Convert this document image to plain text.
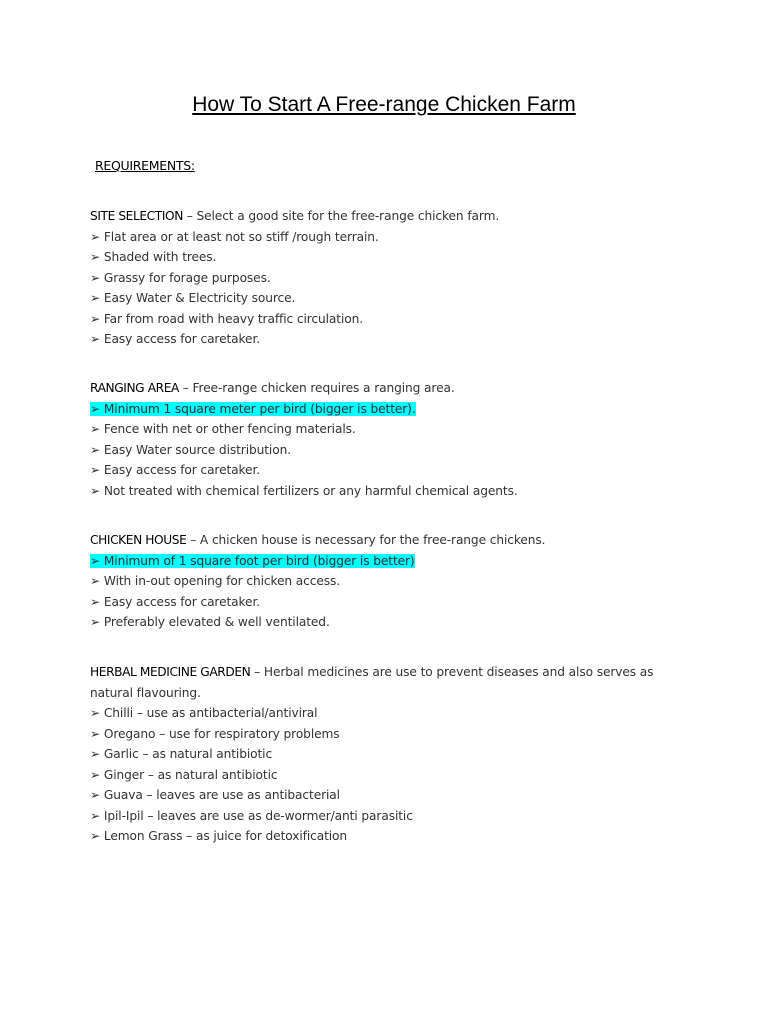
How To Start A Free-range Chicken Farm
REQUIREMENTS:
SITE SELECTION – Select a good site for the free-range chicken farm.
➢ Flat area or at least not so stiff /rough terrain.
➢ Shaded with trees.
➢ Grassy for forage purposes.
➢ Easy Water & Electricity source.
➢ Far from road with heavy traffic circulation.
➢ Easy access for caretaker.
RANGING AREA – Free-range chicken requires a ranging area.
➢ Minimum 1 square meter per bird (bigger is better).
➢ Fence with net or other fencing materials.
➢ Easy Water source distribution.
➢ Easy access for caretaker.
➢ Not treated with chemical fertilizers or any harmful chemical agents.
CHICKEN HOUSE – A chicken house is necessary for the free-range chickens.
➢ Minimum of 1 square foot per bird (bigger is better)
➢ With in-out opening for chicken access.
➢ Easy access for caretaker.
➢ Preferably elevated & well ventilated.
HERBAL MEDICINE GARDEN – Herbal medicines are use to prevent diseases and also serves as natural flavouring.
➢ Chilli – use as antibacterial/antiviral
➢ Oregano – use for respiratory problems
➢ Garlic – as natural antibiotic
➢ Ginger – as natural antibiotic
➢ Guava – leaves are use as antibacterial
➢ Ipil-Ipil – leaves are use as de-wormer/anti parasitic
➢ Lemon Grass – as juice for detoxification
